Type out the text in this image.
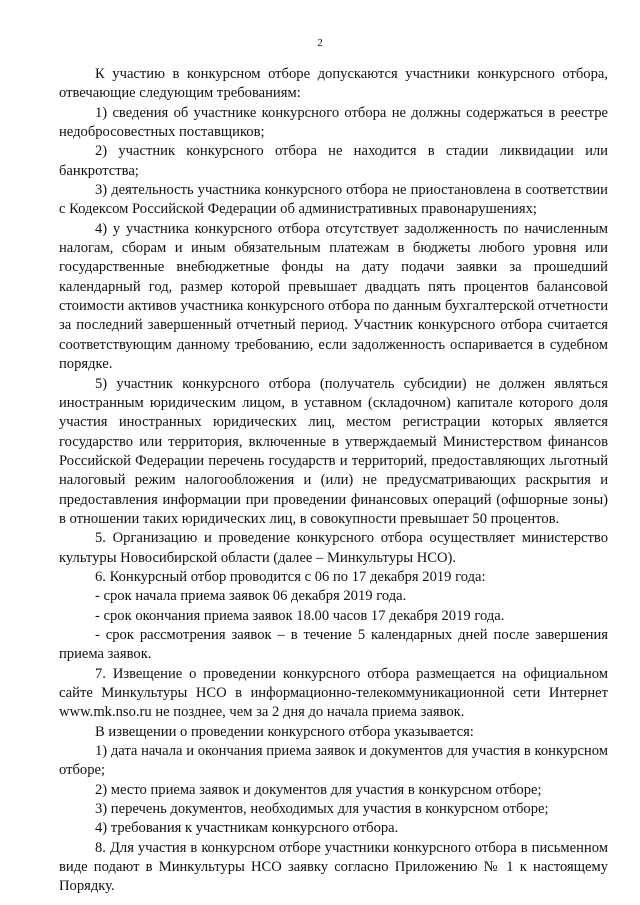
2

К участию в конкурсном отборе допускаются участники конкурсного отбора, отвечающие следующим требованиям:

1) сведения об участнике конкурсного отбора не должны содержаться в реестре недобросовестных поставщиков;

2) участник конкурсного отбора не находится в стадии ликвидации или банкротства;

3) деятельность участника конкурсного отбора не приостановлена в соответствии с Кодексом Российской Федерации об административных правонарушениях;

4) у участника конкурсного отбора отсутствует задолженность по начисленным налогам, сборам и иным обязательным платежам в бюджеты любого уровня или государственные внебюджетные фонды на дату подачи заявки за прошедший календарный год, размер которой превышает двадцать пять процентов балансовой стоимости активов участника конкурсного отбора по данным бухгалтерской отчетности за последний завершенный отчетный период. Участник конкурсного отбора считается соответствующим данному требованию, если задолженность оспаривается в судебном порядке.

5) участник конкурсного отбора (получатель субсидии) не должен являться иностранным юридическим лицом, в уставном (складочном) капитале которого доля участия иностранных юридических лиц, местом регистрации которых является государство или территория, включенные в утверждаемый Министерством финансов Российской Федерации перечень государств и территорий, предоставляющих льготный налоговый режим налогообложения и (или) не предусматривающих раскрытия и предоставления информации при проведении финансовых операций (офшорные зоны) в отношении таких юридических лиц, в совокупности превышает 50 процентов.

5. Организацию и проведение конкурсного отбора осуществляет министерство культуры Новосибирской области (далее – Минкультуры НСО).

6. Конкурсный отбор проводится с 06 по 17 декабря 2019 года:

- срок начала приема заявок 06 декабря 2019 года.

- срок окончания приема заявок 18.00 часов 17 декабря 2019 года.

- срок рассмотрения заявок – в течение 5 календарных дней после завершения приема заявок.

7. Извещение о проведении конкурсного отбора размещается на официальном сайте Минкультуры НСО в информационно-телекоммуникационной сети Интернет www.mk.nso.ru не позднее, чем за 2 дня до начала приема заявок.

В извещении о проведении конкурсного отбора указывается:

1) дата начала и окончания приема заявок и документов для участия в конкурсном отборе;

2) место приема заявок и документов для участия в конкурсном отборе;

3) перечень документов, необходимых для участия в конкурсном отборе;

4) требования к участникам конкурсного отбора.

8. Для участия в конкурсном отборе участники конкурсного отбора в письменном виде подают в Минкультуры НСО заявку согласно Приложению № 1 к настоящему Порядку.
